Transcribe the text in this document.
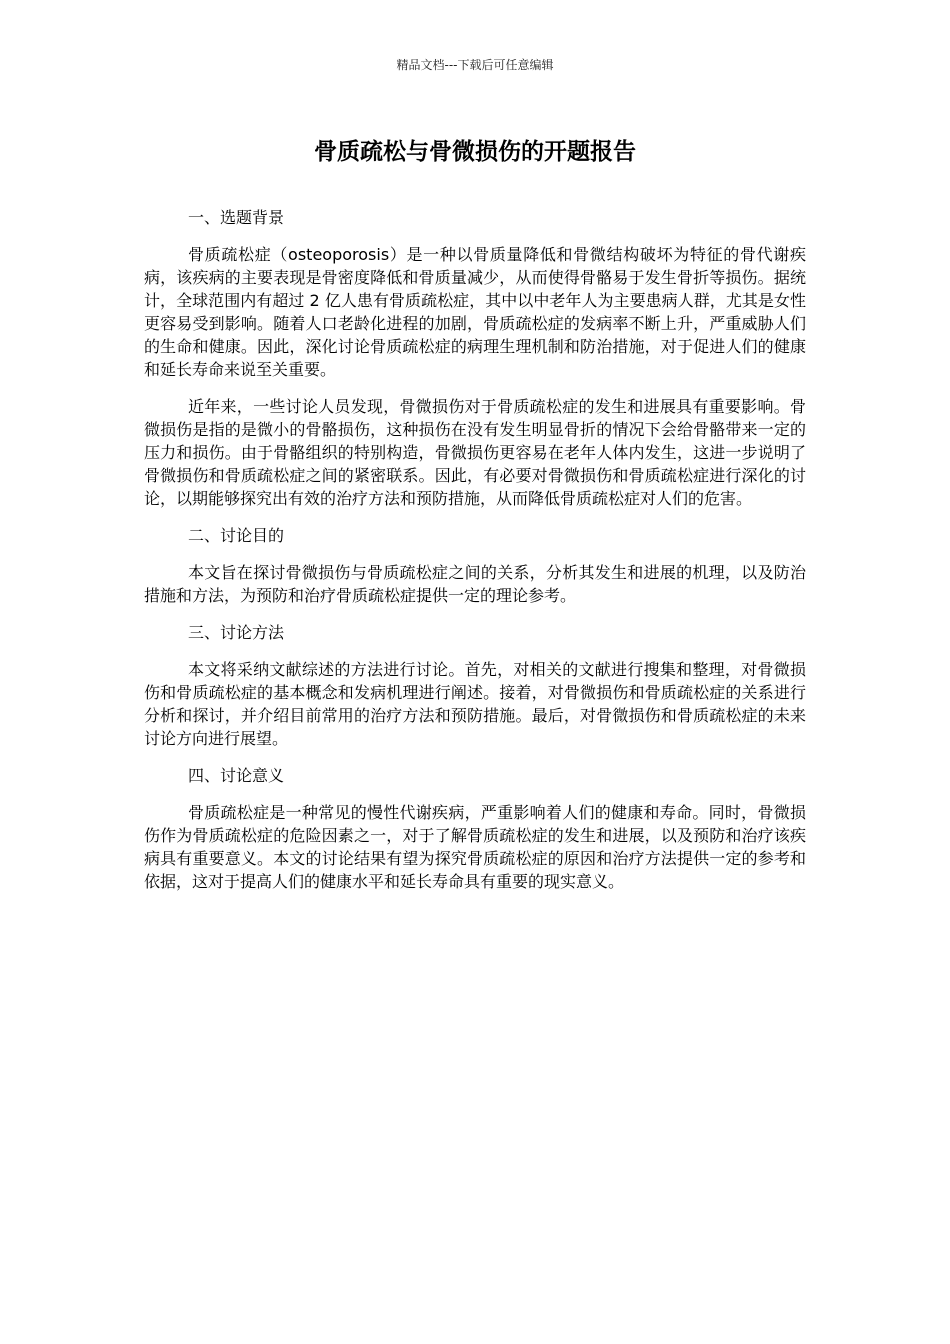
精品文档---下载后可任意编辑
骨质疏松与骨微损伤的开题报告

一、选题背景

骨质疏松症（osteoporosis）是一种以骨质量降低和骨微结构破坏为特征的骨代谢疾病，该疾病的主要表现是骨密度降低和骨质量减少，从而使得骨骼易于发生骨折等损伤。据统计，全球范围内有超过 2 亿人患有骨质疏松症，其中以中老年人为主要患病人群，尤其是女性更容易受到影响。随着人口老龄化进程的加剧，骨质疏松症的发病率不断上升，严重威胁人们的生命和健康。因此，深化讨论骨质疏松症的病理生理机制和防治措施，对于促进人们的健康和延长寿命来说至关重要。

近年来，一些讨论人员发现，骨微损伤对于骨质疏松症的发生和进展具有重要影响。骨微损伤是指的是微小的骨骼损伤，这种损伤在没有发生明显骨折的情况下会给骨骼带来一定的压力和损伤。由于骨骼组织的特别构造，骨微损伤更容易在老年人体内发生，这进一步说明了骨微损伤和骨质疏松症之间的紧密联系。因此，有必要对骨微损伤和骨质疏松症进行深化的讨论，以期能够探究出有效的治疗方法和预防措施，从而降低骨质疏松症对人们的危害。

二、讨论目的

本文旨在探讨骨微损伤与骨质疏松症之间的关系，分析其发生和进展的机理，以及防治措施和方法，为预防和治疗骨质疏松症提供一定的理论参考。

三、讨论方法

本文将采纳文献综述的方法进行讨论。首先，对相关的文献进行搜集和整理，对骨微损伤和骨质疏松症的基本概念和发病机理进行阐述。接着，对骨微损伤和骨质疏松症的关系进行分析和探讨，并介绍目前常用的治疗方法和预防措施。最后，对骨微损伤和骨质疏松症的未来讨论方向进行展望。

四、讨论意义

骨质疏松症是一种常见的慢性代谢疾病，严重影响着人们的健康和寿命。同时，骨微损伤作为骨质疏松症的危险因素之一，对于了解骨质疏松症的发生和进展，以及预防和治疗该疾病具有重要意义。本文的讨论结果有望为探究骨质疏松症的原因和治疗方法提供一定的参考和依据，这对于提高人们的健康水平和延长寿命具有重要的现实意义。
